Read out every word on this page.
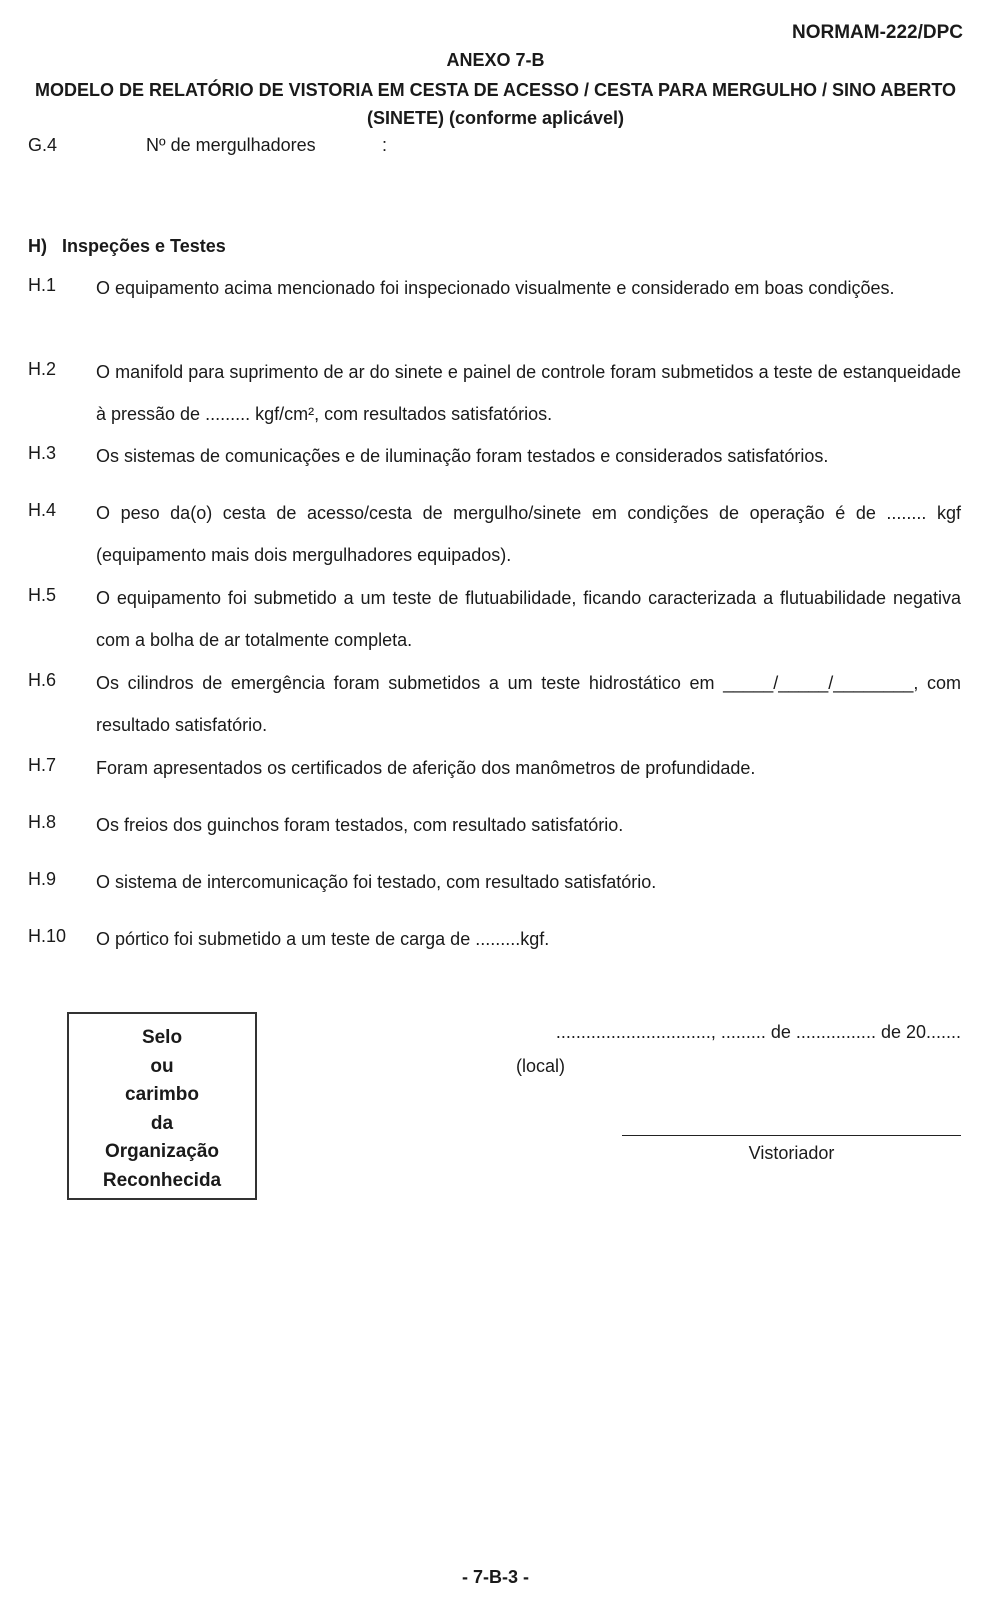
NORMAM-222/DPC
ANEXO 7-B
MODELO DE RELATÓRIO DE VISTORIA EM CESTA DE ACESSO / CESTA PARA MERGULHO / SINO ABERTO (SINETE) (conforme aplicável)
G.4	Nº de mergulhadores	:
H)   Inspeções e Testes
H.1	O equipamento acima mencionado foi inspecionado visualmente e considerado em boas condições.
H.2	O manifold para suprimento de ar do sinete e painel de controle foram submetidos a teste de estanqueidade à pressão de ......... kgf/cm², com resultados satisfatórios.
H.3	Os sistemas de comunicações e de iluminação foram testados e considerados satisfatórios.
H.4	O peso da(o) cesta de acesso/cesta de mergulho/sinete em condições de operação é de ........ kgf (equipamento mais dois mergulhadores equipados).
H.5	O equipamento foi submetido a um teste de flutuabilidade, ficando caracterizada a flutuabilidade negativa com a bolha de ar totalmente completa.
H.6	Os cilindros de emergência foram submetidos a um teste hidrostático em _____/_____/________, com resultado satisfatório.
H.7	Foram apresentados os certificados de aferição dos manômetros de profundidade.
H.8	Os freios dos guinchos foram testados, com resultado satisfatório.
H.9	O sistema de intercomunicação foi testado, com resultado satisfatório.
H.10	O pórtico foi submetido a um teste de carga de .........kgf.
Selo
ou
carimbo
da
Organização
Reconhecida
..............................., ......... de ................ de 20.......
(local)
Vistoriador
- 7-B-3 -
